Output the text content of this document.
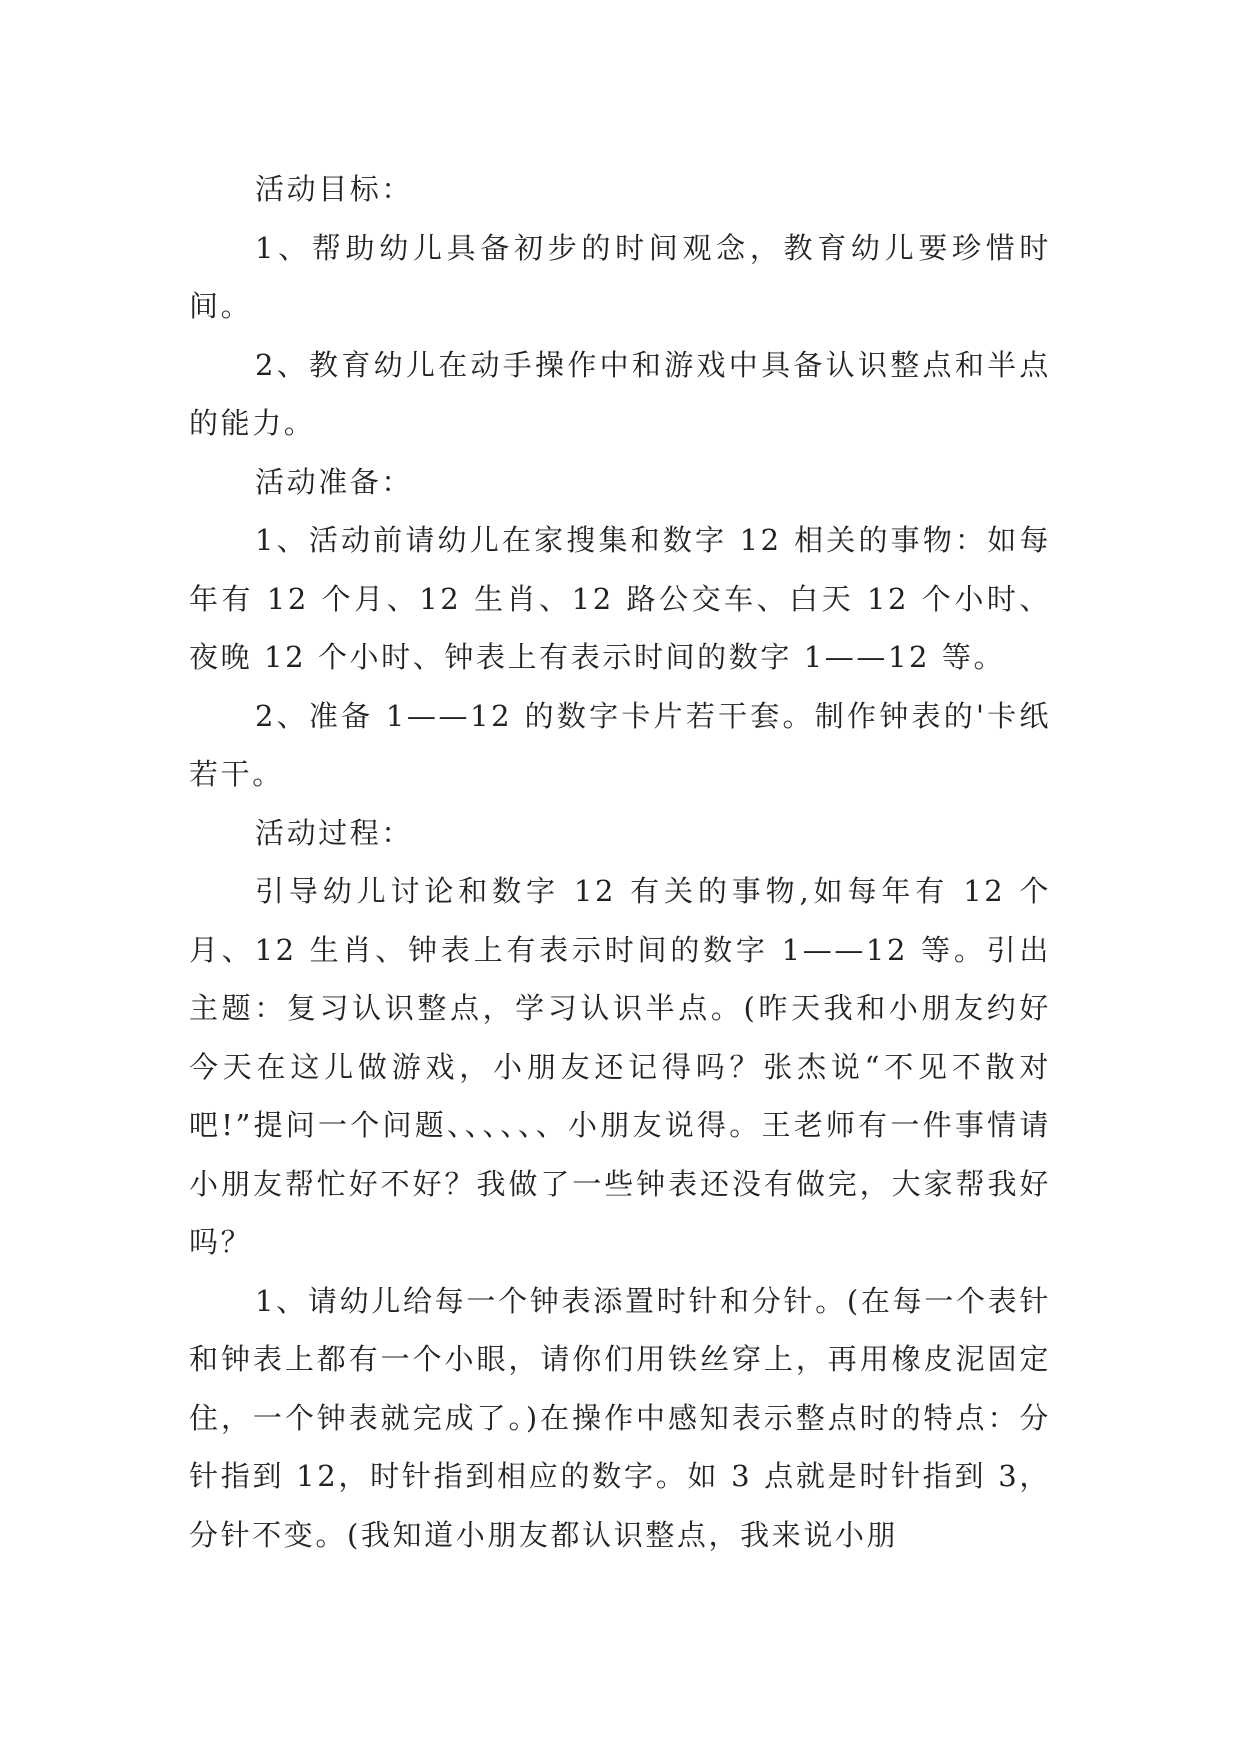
活动目标：

1、帮助幼儿具备初步的时间观念，教育幼儿要珍惜时间。

2、教育幼儿在动手操作中和游戏中具备认识整点和半点的能力。

活动准备：

1、活动前请幼儿在家搜集和数字 12 相关的事物：如每年有 12 个月、12 生肖、12 路公交车、白天 12 个小时、夜晚 12 个小时、钟表上有表示时间的数字 1——12 等。

2、准备 1——12 的数字卡片若干套。制作钟表的'卡纸若干。

活动过程：

引导幼儿讨论和数字 12 有关的事物,如每年有 12 个月、12 生肖、钟表上有表示时间的数字 1——12 等。引出主题：复习认识整点，学习认识半点。(昨天我和小朋友约好今天在这儿做游戏，小朋友还记得吗？张杰说“不见不散对吧!”提问一个问题、、、、、、小朋友说得。王老师有一件事情请小朋友帮忙好不好？我做了一些钟表还没有做完，大家帮我好吗？

1、请幼儿给每一个钟表添置时针和分针。(在每一个表针和钟表上都有一个小眼，请你们用铁丝穿上，再用橡皮泥固定住，一个钟表就完成了。)在操作中感知表示整点时的特点：分针指到 12，时针指到相应的数字。如 3 点就是时针指到 3，分针不变。(我知道小朋友都认识整点，我来说小朋
